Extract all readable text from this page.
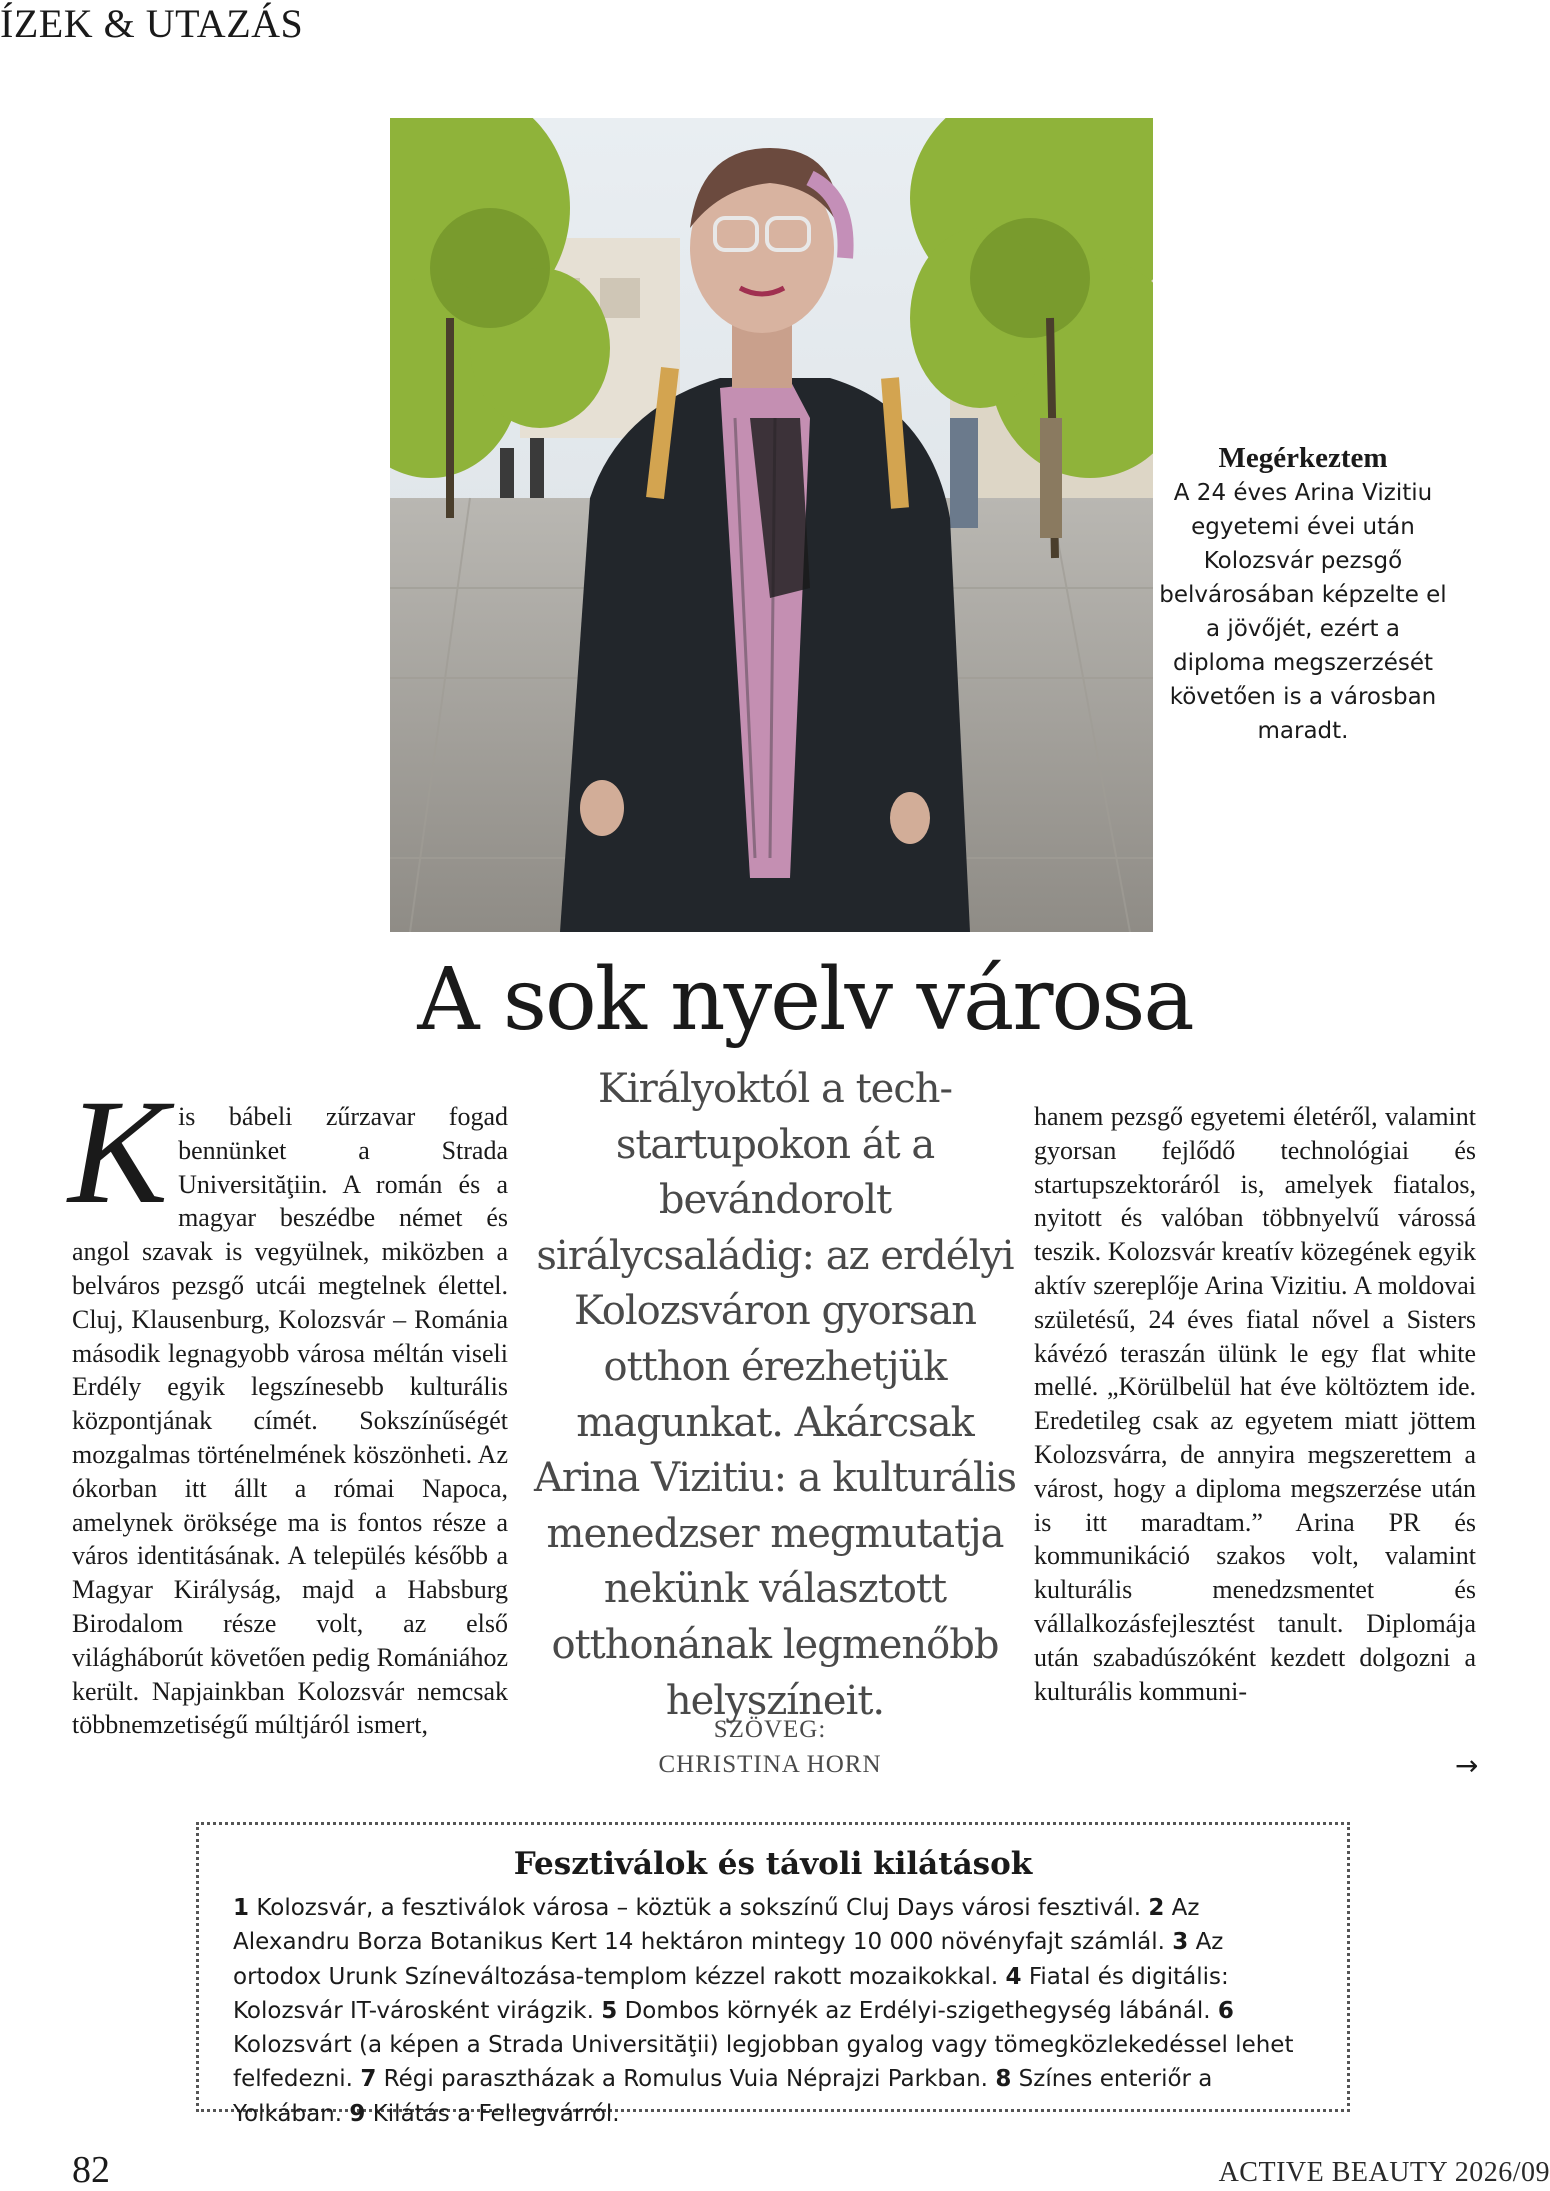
ÍZEK & UTAZÁS
Megérkeztem
A 24 éves Arina Vizitiu egyetemi évei után Kolozsvár pezsgő belvárosában képzelte el a jövőjét, ezért a diploma megszerzését követően is a városban maradt.
A sok nyelv városa
K is bábeli zűrzavar fogad bennünket a Strada Universităţiin. A román és a magyar beszédbe német és angol szavak is vegyülnek, miközben a belváros pezsgő utcái megtelnek élettel. Cluj, Klausenburg, Kolozsvár – Románia második legnagyobb városa méltán viseli Erdély egyik legszínesebb kulturális központjának címét. Sokszínűségét mozgalmas történelmének köszönheti. Az ókorban itt állt a római Napoca, amelynek öröksége ma is fontos része a város identitásának. A település később a Magyar Királyság, majd a Habsburg Birodalom része volt, az első világháborút követően pedig Romániához került. Napjainkban Kolozsvár nemcsak többnemzetiségű múltjáról ismert,
Királyoktól a tech-startupokon át a bevándorolt sirálycsaládig: az erdélyi Kolozsváron gyorsan otthon érezhetjük magunkat. Akárcsak Arina Vizitiu: a kulturális menedzser megmutatja nekünk választott otthonának legmenőbb helyszíneit.
SZÖVEG:
CHRISTINA HORN
hanem pezsgő egyetemi életéről, valamint gyorsan fejlődő technológiai és startupszektoráról is, amelyek fiatalos, nyitott és valóban többnyelvű várossá teszik. Kolozsvár kreatív közegének egyik aktív szereplője Arina Vizitiu. A moldovai születésű, 24 éves fiatal nővel a Sisters kávézó teraszán ülünk le egy flat white mellé. „Körülbelül hat éve költöztem ide. Eredetileg csak az egyetem miatt jöttem Kolozsvárra, de annyira megszerettem a várost, hogy a diploma megszerzése után is itt maradtam.” Arina PR és kommunikáció szakos volt, valamint kulturális menedzsmentet és vállalkozásfejlesztést tanult. Diplomája után szabadúszóként kezdett dolgozni a kulturális kommuni-
→
Fesztiválok és távoli kilátások
1 Kolozsvár, a fesztiválok városa – köztük a sokszínű Cluj Days városi fesztivál. 2 Az Alexandru Borza Botanikus Kert 14 hektáron mintegy 10 000 növényfajt számlál. 3 Az ortodox Urunk Színeváltozása-templom kézzel rakott mozaikokkal. 4 Fiatal és digitális: Kolozsvár IT-városként virágzik. 5 Dombos környék az Erdélyi-szigethegység lábánál. 6 Kolozsvárt (a képen a Strada Universităţii) legjobban gyalog vagy tömegközlekedéssel lehet felfedezni. 7 Régi parasztházak a Romulus Vuia Néprajzi Parkban. 8 Színes enteriőr a Yolkában. 9 Kilátás a Fellegvárról.
82	ACTIVE BEAUTY 2026/09
